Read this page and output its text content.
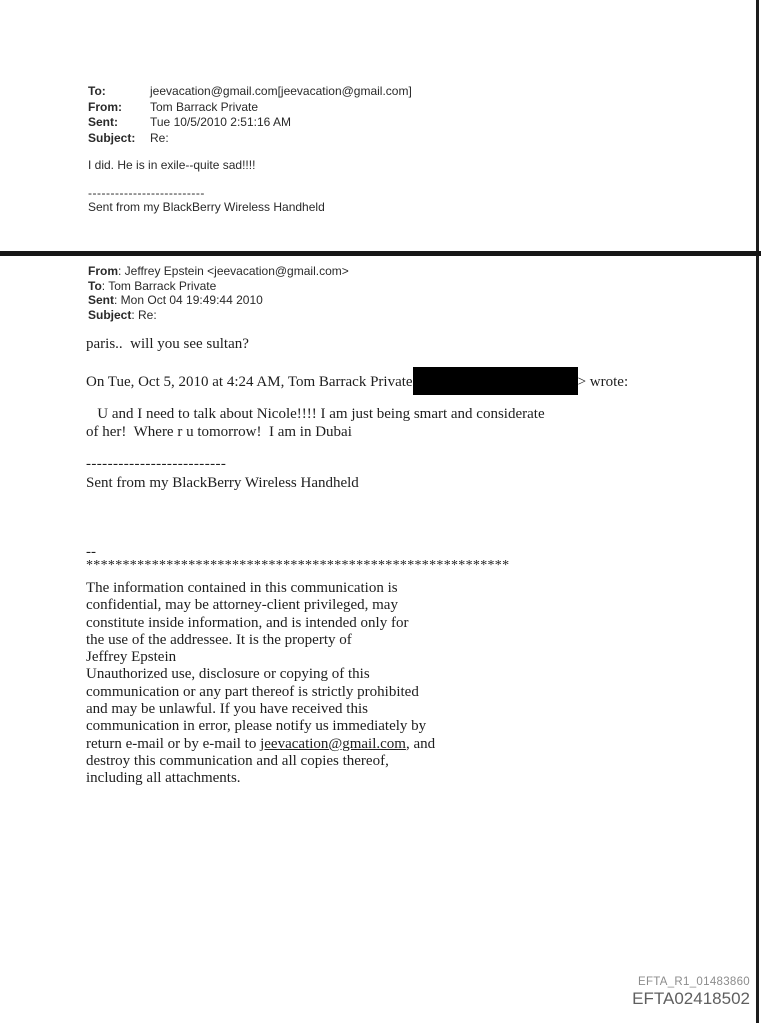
To:	jeevacation@gmail.com[jeevacation@gmail.com]
From:	Tom Barrack Private
Sent:	Tue 10/5/2010 2:51:16 AM
Subject:	Re:
I did. He is in exile--quite sad!!!!
--------------------------
Sent from my BlackBerry Wireless Handheld
From: Jeffrey Epstein <jeevacation@gmail.com>
To: Tom Barrack Private
Sent: Mon Oct 04 19:49:44 2010
Subject: Re:
paris..  will you see sultan?
On Tue, Oct 5, 2010 at 4:24 AM, Tom Barrack Private	> wrote:
U and I need to talk about Nicole!!!! I am just being smart and considerate
of her!  Where r u tomorrow!  I am in Dubai
--------------------------
Sent from my BlackBerry Wireless Handheld
--
**********************************************************
The information contained in this communication is
confidential, may be attorney-client privileged, may
constitute inside information, and is intended only for
the use of the addressee. It is the property of
Jeffrey Epstein
Unauthorized use, disclosure or copying of this
communication or any part thereof is strictly prohibited
and may be unlawful. If you have received this
communication in error, please notify us immediately by
return e-mail or by e-mail to jeevacation@gmail.com, and
destroy this communication and all copies thereof,
including all attachments.
EFTA_R1_01483860
EFTA02418502
